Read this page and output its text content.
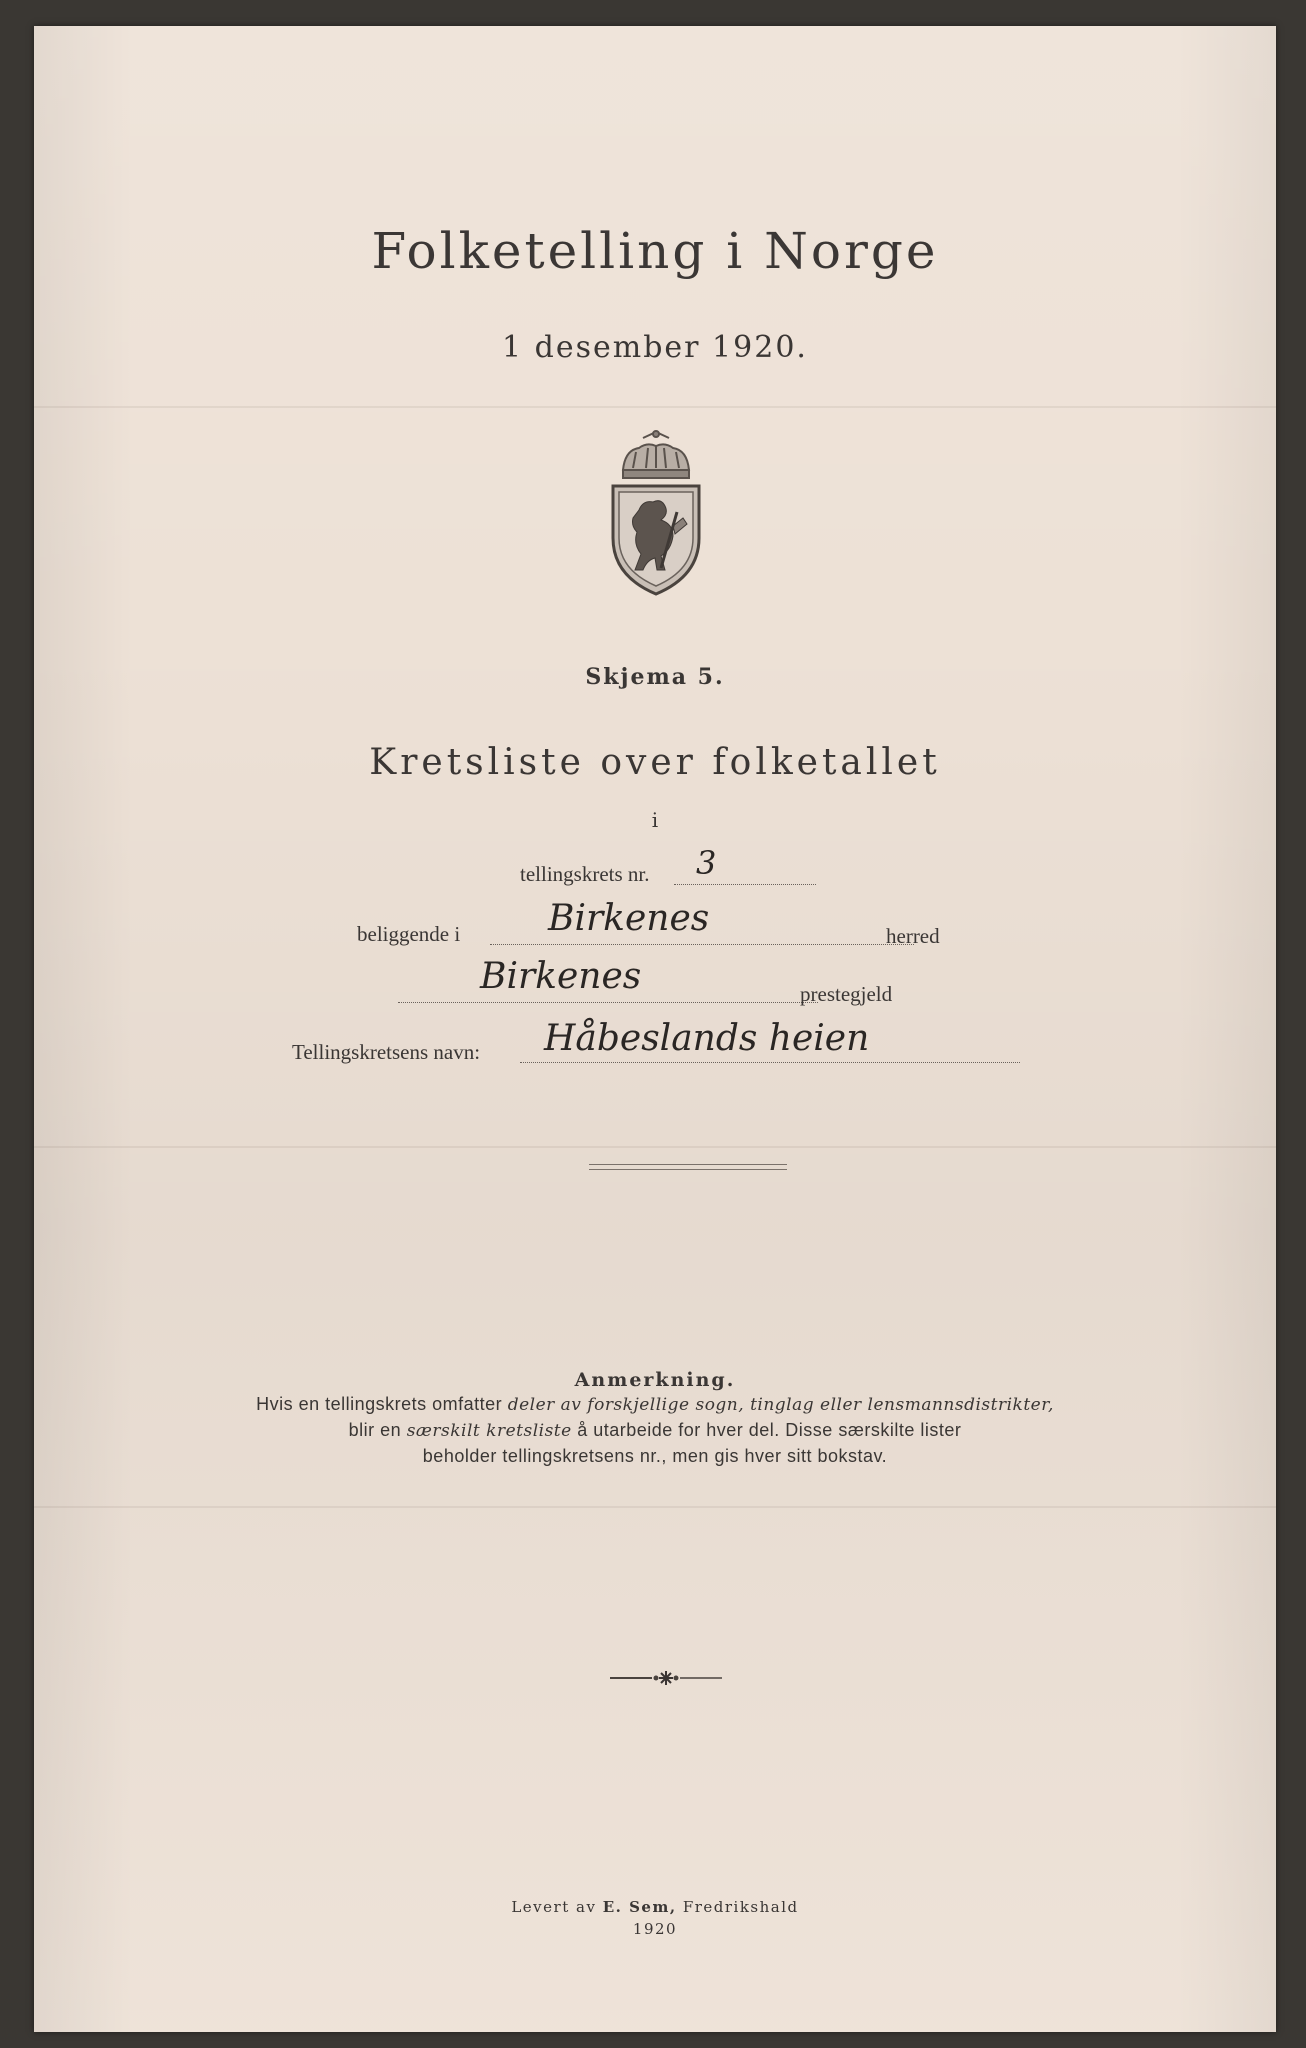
Folketelling i Norge
1 desember 1920.
Skjema 5.
Kretsliste over folketallet
i
tellingskrets nr. 3
beliggende i Birkenes	herred
Birkenes	prestegjeld
Tellingskretsens navn: Håbeslands heien
Anmerkning.
Hvis en tellingskrets omfatter deler av forskjellige sogn, tinglag eller lensmannsdistrikter,
blir en særskilt kretsliste å utarbeide for hver del. Disse særskilte lister
beholder tellingskretsens nr., men gis hver sitt bokstav.
Levert av E. Sem, Fredrikshald
1920
